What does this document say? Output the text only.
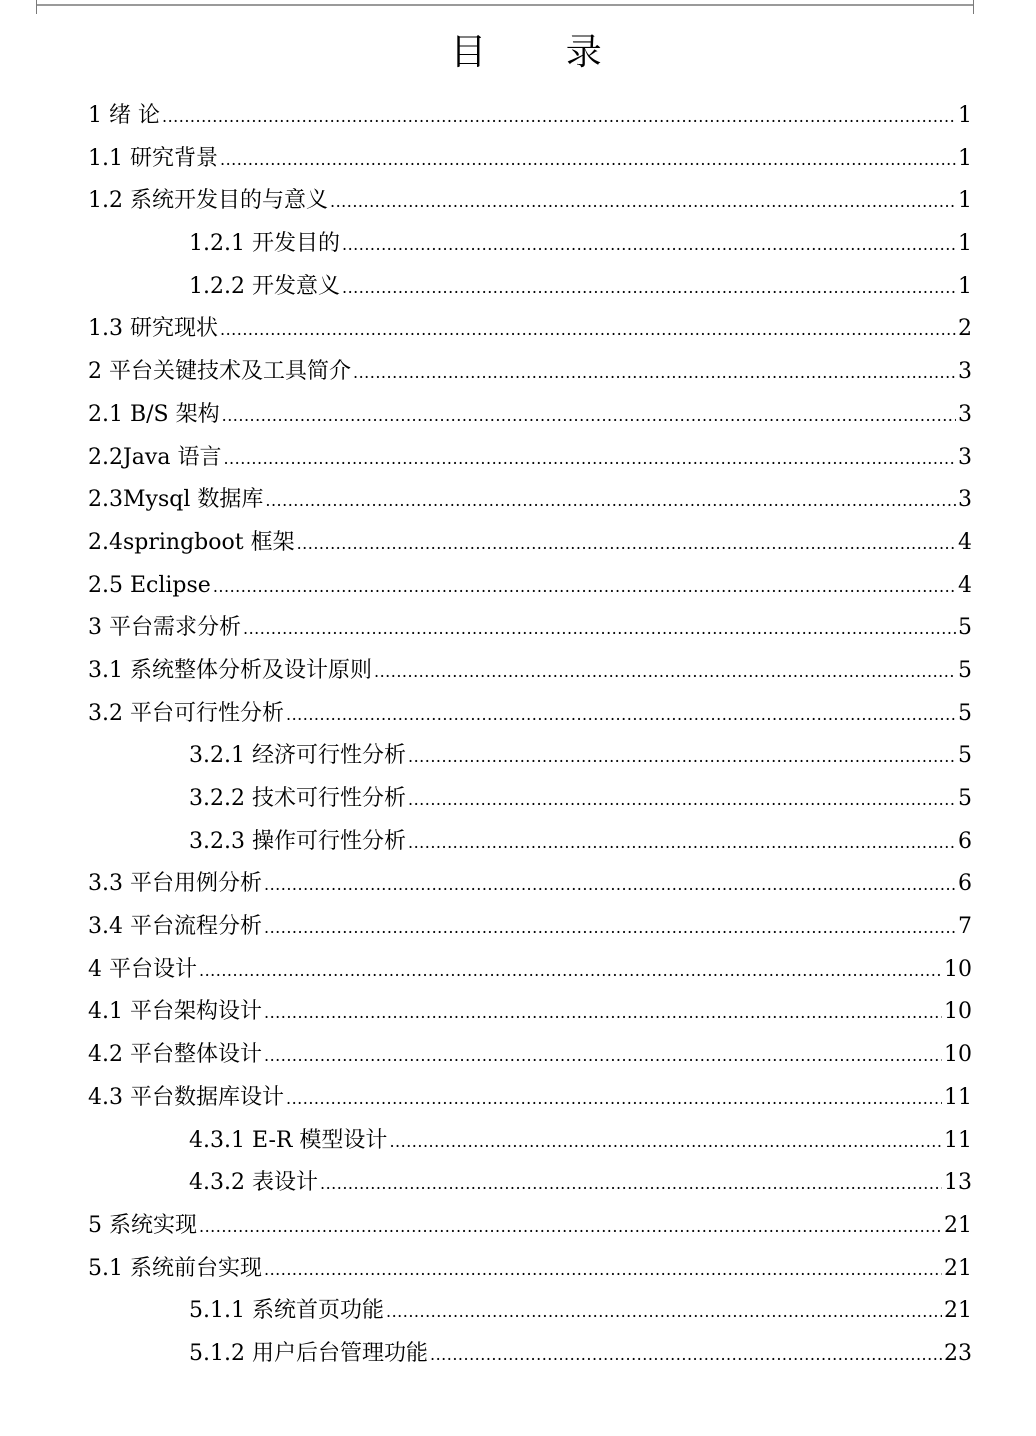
目 录
1 绪 论 .....	1
1.1 研究背景 .....	1
1.2 系统开发目的与意义 .....	1
1.2.1 开发目的 .....	1
1.2.2 开发意义 .....	1
1.3 研究现状 .....	2
2 平台关键技术及工具简介 .....	3
2.1 B/S 架构 .....	3
2.2Java 语言 .....	3
2.3Mysql 数据库 .....	3
2.4springboot 框架 .....	4
2.5 Eclipse .....	4
3 平台需求分析 .....	5
3.1 系统整体分析及设计原则 .....	5
3.2 平台可行性分析 .....	5
3.2.1 经济可行性分析 .....	5
3.2.2 技术可行性分析 .....	5
3.2.3 操作可行性分析 .....	6
3.3 平台用例分析 .....	6
3.4 平台流程分析 .....	7
4 平台设计 .....	10
4.1 平台架构设计 .....	10
4.2 平台整体设计 .....	10
4.3 平台数据库设计 .....	11
4.3.1 E-R 模型设计 .....	11
4.3.2 表设计 .....	13
5 系统实现 .....	21
5.1 系统前台实现 .....	21
5.1.1 系统首页功能 .....	21
5.1.2 用户后台管理功能 .....	23
